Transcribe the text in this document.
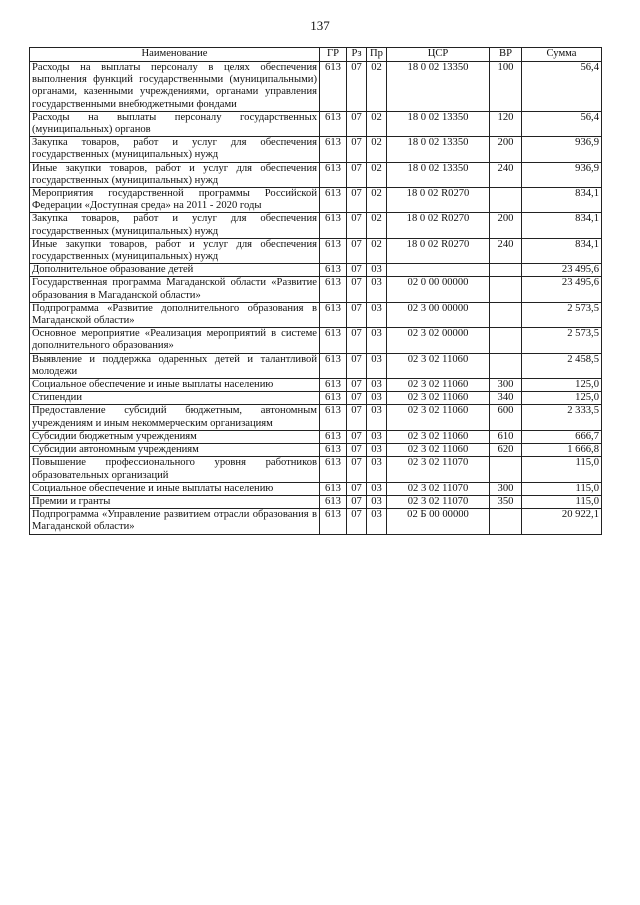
137
Наименование	ГР	Рз	Пр	ЦСР	ВР	Сумма
Расходы на выплаты персоналу в целях обеспечения выполнения функций государственными (муниципальными) органами, казенными учреждениями, органами управления государственными внебюджетными фондами	613	07	02	18 0 02 13350	100	56,4
Расходы на выплаты персоналу государственных (муниципальных) органов	613	07	02	18 0 02 13350	120	56,4
Закупка товаров, работ и услуг для обеспечения государственных (муниципальных) нужд	613	07	02	18 0 02 13350	200	936,9
Иные закупки товаров, работ и услуг для обеспечения государственных (муниципальных) нужд	613	07	02	18 0 02 13350	240	936,9
Мероприятия государственной программы Российской Федерации «Доступная среда» на 2011 - 2020 годы	613	07	02	18 0 02 R0270		834,1
Закупка товаров, работ и услуг для обеспечения государственных (муниципальных) нужд	613	07	02	18 0 02 R0270	200	834,1
Иные закупки товаров, работ и услуг для обеспечения государственных (муниципальных) нужд	613	07	02	18 0 02 R0270	240	834,1
Дополнительное образование детей	613	07	03			23 495,6
Государственная программа Магаданской области «Развитие образования в Магаданской области»	613	07	03	02 0 00 00000		23 495,6
Подпрограмма «Развитие дополнительного образования в Магаданской области»	613	07	03	02 3 00 00000		2 573,5
Основное мероприятие «Реализация мероприятий в системе дополнительного образования»	613	07	03	02 3 02 00000		2 573,5
Выявление и поддержка одаренных детей и талантливой молодежи	613	07	03	02 3 02 11060		2 458,5
Социальное обеспечение и иные выплаты населению	613	07	03	02 3 02 11060	300	125,0
Стипендии	613	07	03	02 3 02 11060	340	125,0
Предоставление субсидий бюджетным, автономным учреждениям и иным некоммерческим организациям	613	07	03	02 3 02 11060	600	2 333,5
Субсидии бюджетным учреждениям	613	07	03	02 3 02 11060	610	666,7
Субсидии автономным учреждениям	613	07	03	02 3 02 11060	620	1 666,8
Повышение профессионального уровня работников образовательных организаций	613	07	03	02 3 02 11070		115,0
Социальное обеспечение и иные выплаты населению	613	07	03	02 3 02 11070	300	115,0
Премии и гранты	613	07	03	02 3 02 11070	350	115,0
Подпрограмма «Управление развитием отрасли образования в Магаданской области»	613	07	03	02 Б 00 00000		20 922,1
